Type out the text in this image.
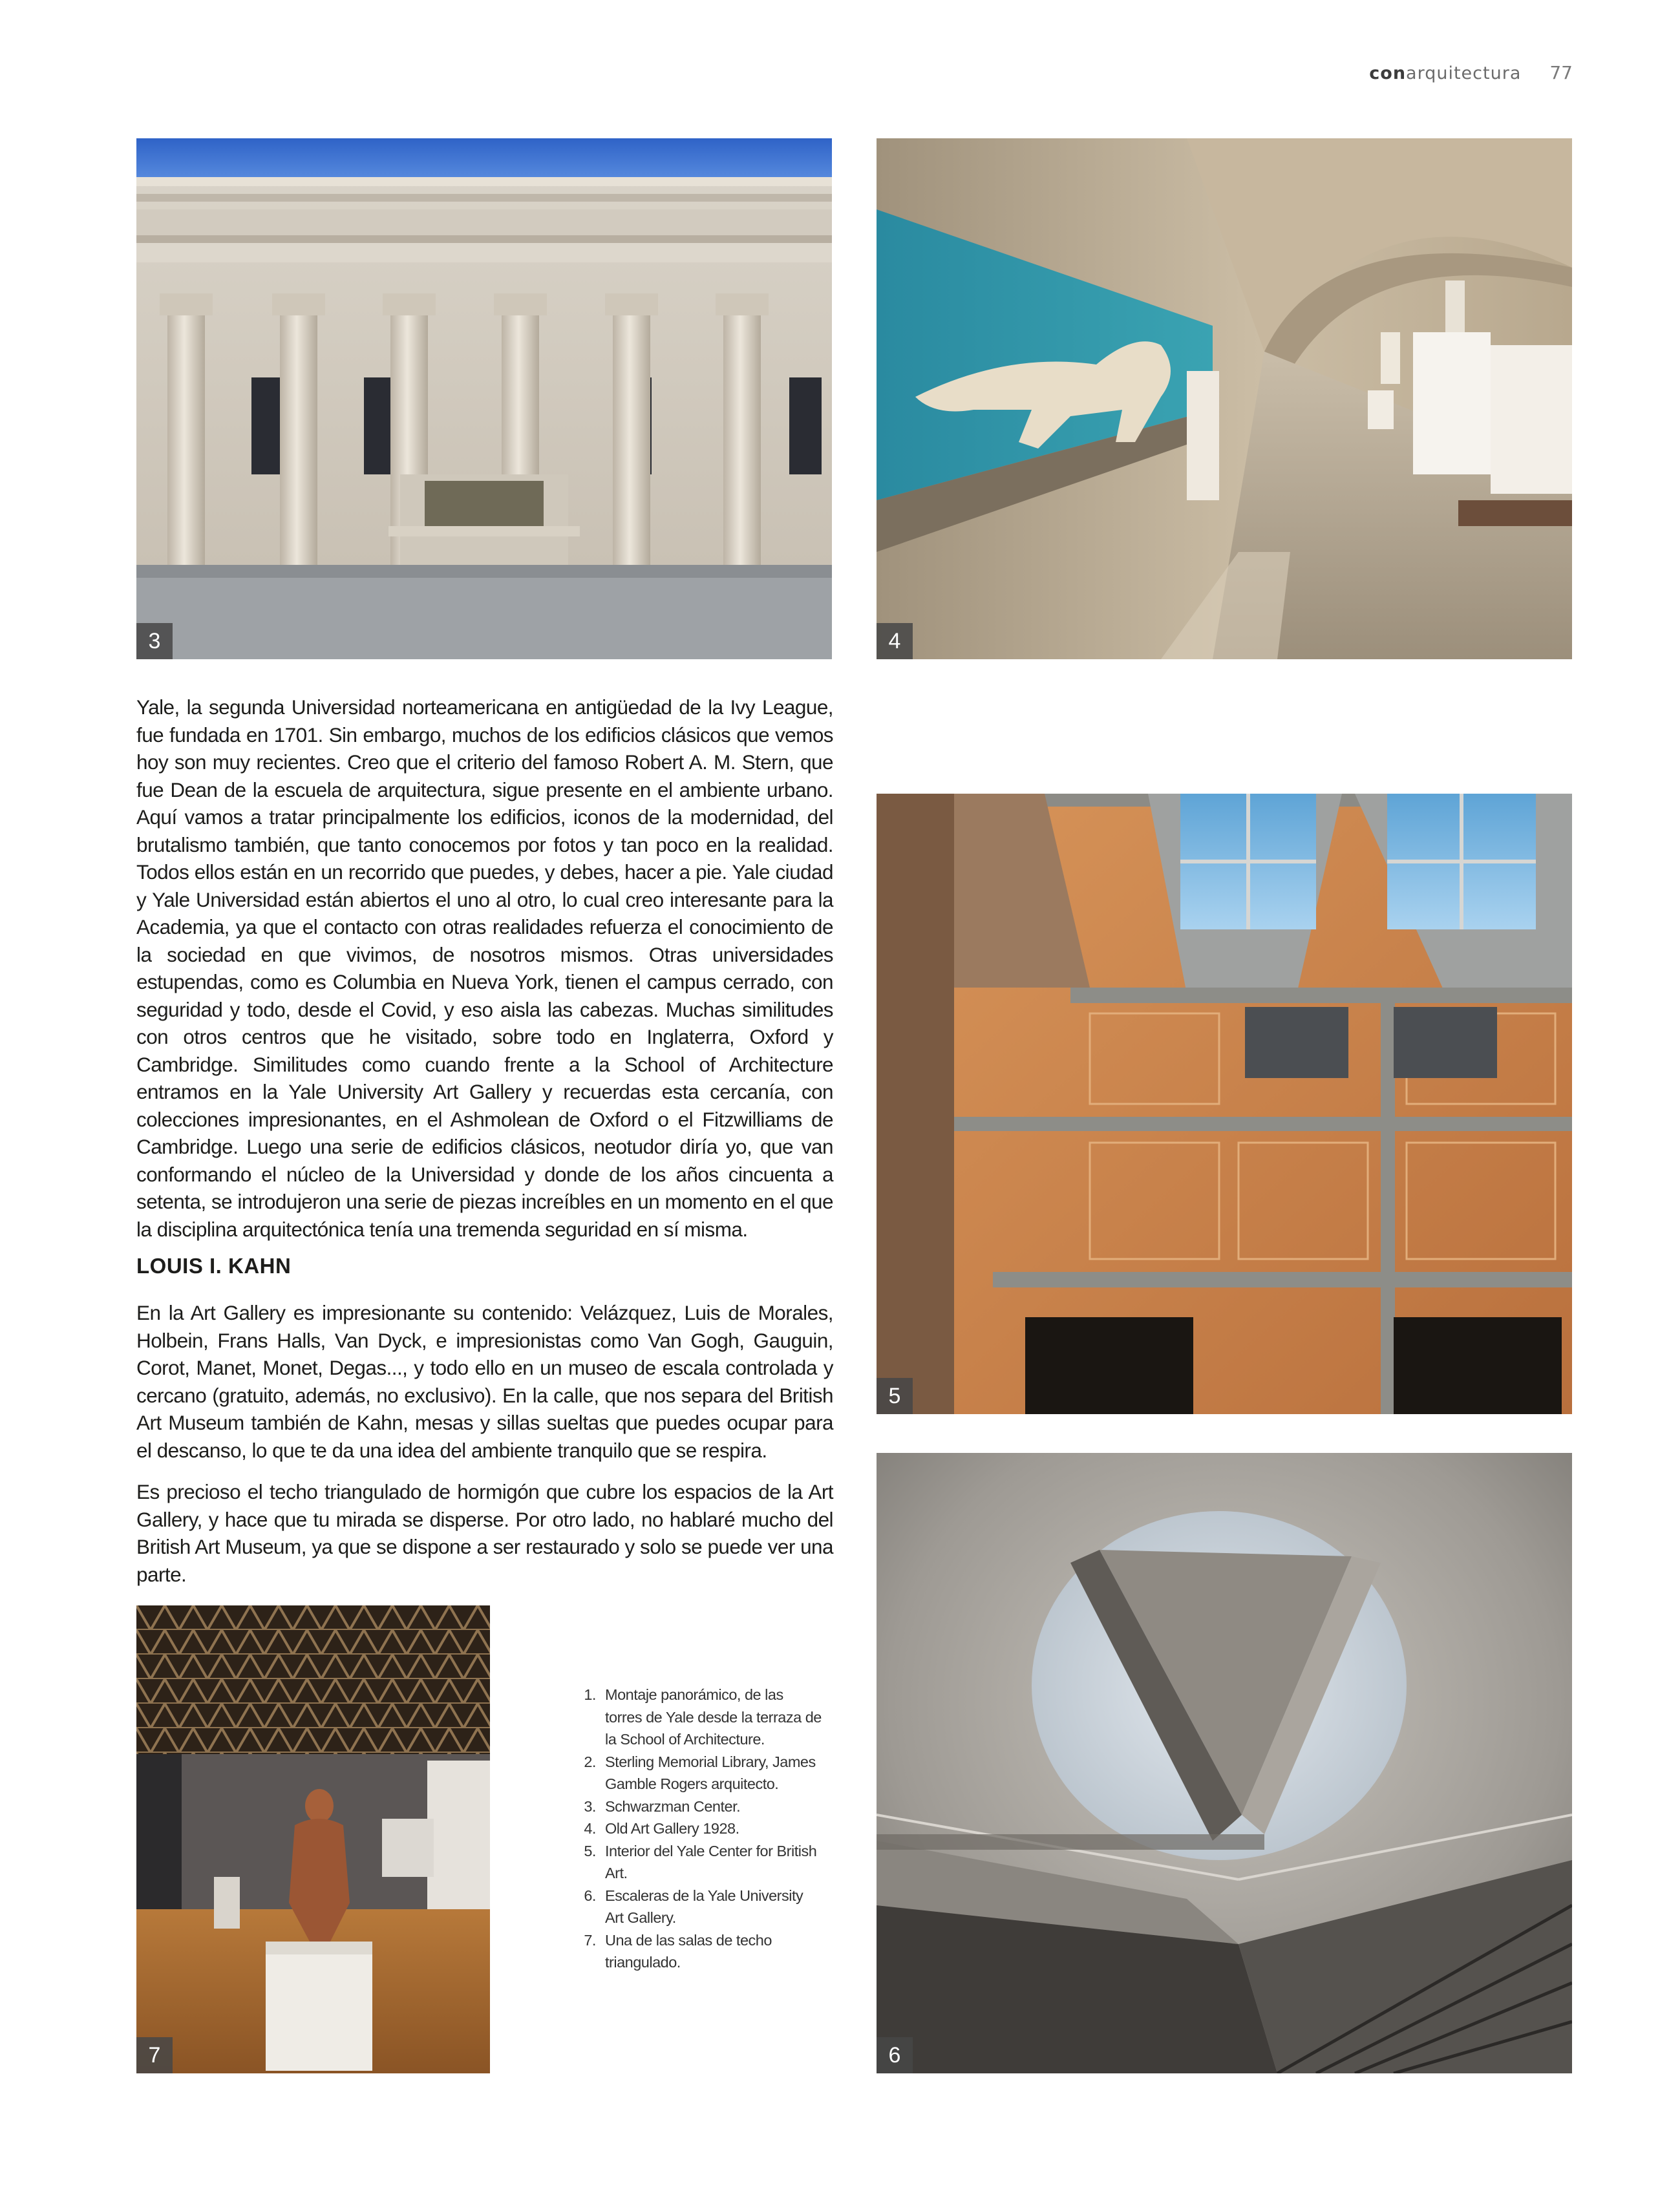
conarquitectura 77
3	4
5
6
7

Yale, la segunda Universidad norteamericana en antigüedad de la Ivy League, fue fundada en 1701. Sin embargo, muchos de los edificios clásicos que vemos hoy son muy recientes. Creo que el criterio del famoso Robert A. M. Stern, que fue Dean de la escuela de arquitectura, sigue presente en el ambiente urbano. Aquí vamos a tratar principalmente los edificios, iconos de la modernidad, del brutalismo también, que tanto conocemos por fotos y tan poco en la realidad. Todos ellos están en un recorrido que puedes, y debes, hacer a pie. Yale ciudad y Yale Universidad están abiertos el uno al otro, lo cual creo interesante para la Academia, ya que el contacto con otras realidades refuerza el conocimiento de la sociedad en que vivimos, de nosotros mismos. Otras universidades estupendas, como es Columbia en Nueva York, tienen el campus cerrado, con seguridad y todo, desde el Covid, y eso aisla las cabezas. Muchas similitudes con otros centros que he visitado, sobre todo en Inglaterra, Oxford y Cambridge. Similitudes como cuando frente a la School of Architecture entramos en la Yale University Art Gallery y recuerdas esta cercanía, con colecciones impresionantes, en el Ashmolean de Oxford o el Fitzwilliams de Cambridge. Luego una serie de edificios clásicos, neotudor diría yo, que van conformando el núcleo de la Universidad y donde de los años cincuenta a setenta, se introdujeron una serie de piezas increíbles en un momento en el que la disciplina arquitectónica tenía una tremenda seguridad en sí misma.

LOUIS I. KAHN

En la Art Gallery es impresionante su contenido: Velázquez, Luis de Morales, Holbein, Frans Halls, Van Dyck, e impresionistas como Van Gogh, Gauguin, Corot, Manet, Monet, Degas..., y todo ello en un museo de escala controlada y cercano (gratuito, además, no exclusivo). En la calle, que nos separa del British Art Museum también de Kahn, mesas y sillas sueltas que puedes ocupar para el descanso, lo que te da una idea del ambiente tranquilo que se respira.

Es precioso el techo triangulado de hormigón que cubre los espacios de la Art Gallery, y hace que tu mirada se disperse. Por otro lado, no hablaré mucho del British Art Museum, ya que se dispone a ser restaurado y solo se puede ver una parte.

1. Montaje panorámico, de las torres de Yale desde la terraza de la School of Architecture.
2. Sterling Memorial Library, James Gamble Rogers arquitecto.
3. Schwarzman Center.
4. Old Art Gallery 1928.
5. Interior del Yale Center for British Art.
6. Escaleras de la Yale University Art Gallery.
7. Una de las salas de techo triangulado.
